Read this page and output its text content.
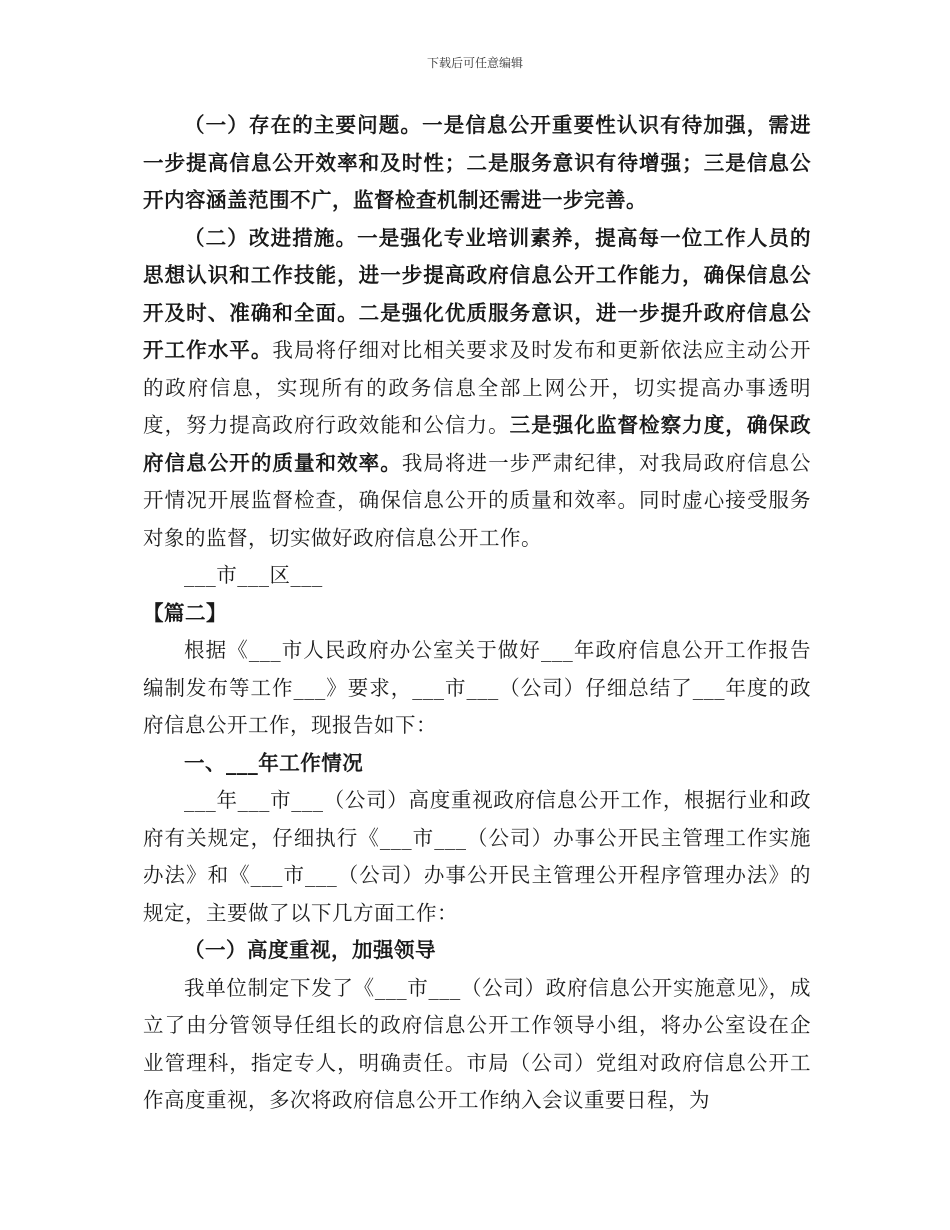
下载后可任意编辑

（一）存在的主要问题。一是信息公开重要性认识有待加强，需进一步提高信息公开效率和及时性；二是服务意识有待增强；三是信息公开内容涵盖范围不广，监督检查机制还需进一步完善。

（二）改进措施。一是强化专业培训素养，提高每一位工作人员的思想认识和工作技能，进一步提高政府信息公开工作能力，确保信息公开及时、准确和全面。二是强化优质服务意识，进一步提升政府信息公开工作水平。我局将仔细对比相关要求及时发布和更新依法应主动公开的政府信息，实现所有的政务信息全部上网公开，切实提高办事透明度，努力提高政府行政效能和公信力。三是强化监督检察力度，确保政府信息公开的质量和效率。我局将进一步严肃纪律，对我局政府信息公开情况开展监督检查，确保信息公开的质量和效率。同时虚心接受服务对象的监督，切实做好政府信息公开工作。

___市___区___

【篇二】

根据《___市人民政府办公室关于做好___年政府信息公开工作报告编制发布等工作___》要求，___市___（公司）仔细总结了___年度的政府信息公开工作，现报告如下：

一、___年工作情况

___年___市___（公司）高度重视政府信息公开工作，根据行业和政府有关规定，仔细执行《___市___（公司）办事公开民主管理工作实施办法》和《___市___（公司）办事公开民主管理公开程序管理办法》的规定，主要做了以下几方面工作：

（一）高度重视，加强领导

我单位制定下发了《___市___（公司）政府信息公开实施意见》，成立了由分管领导任组长的政府信息公开工作领导小组，将办公室设在企业管理科，指定专人，明确责任。市局（公司）党组对政府信息公开工作高度重视，多次将政府信息公开工作纳入会议重要日程，为
